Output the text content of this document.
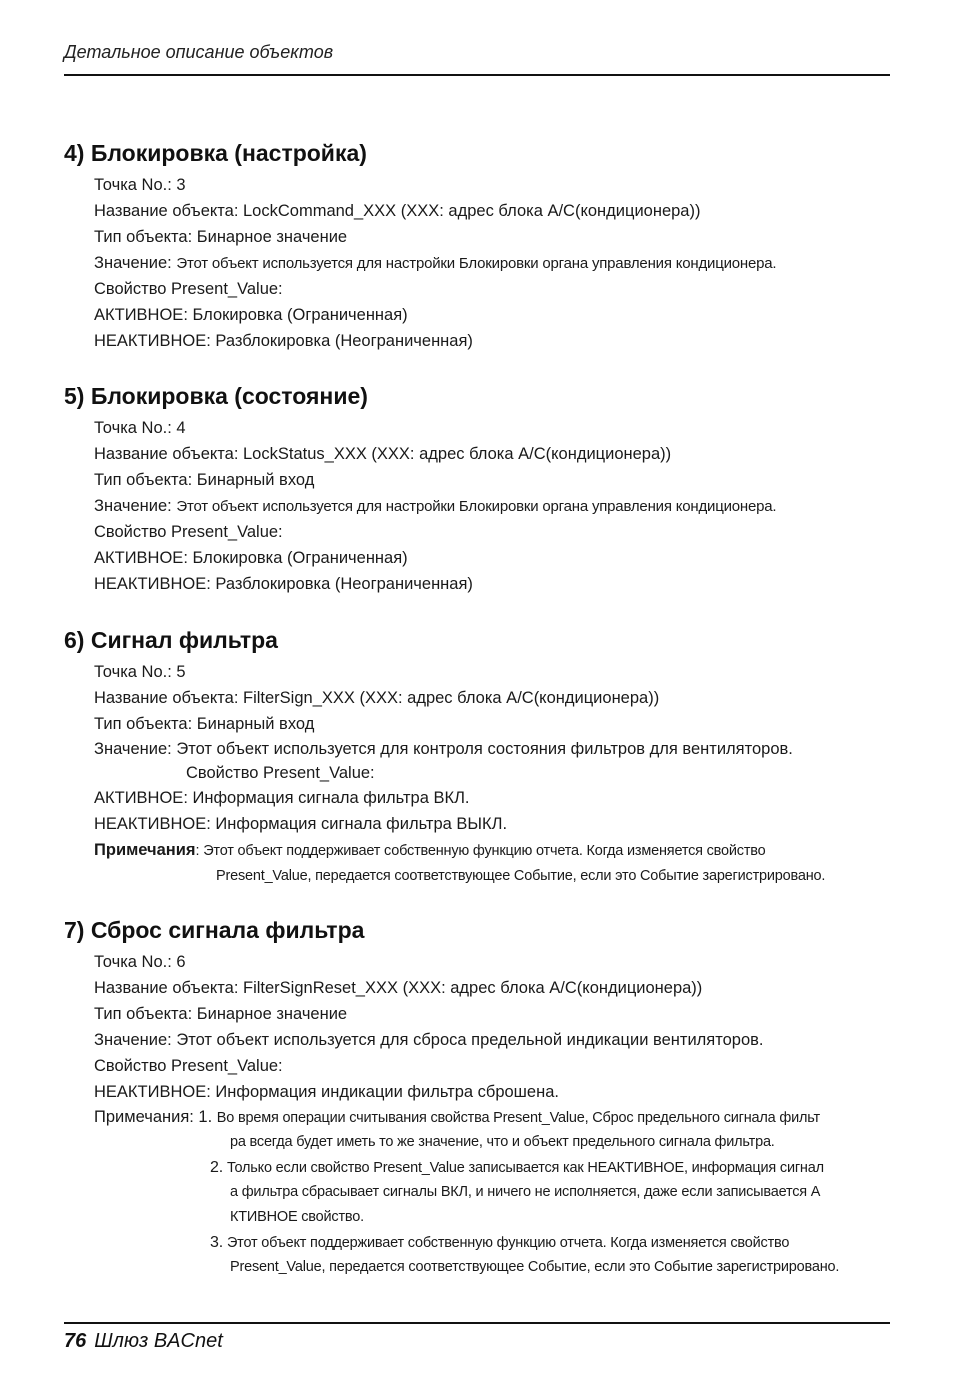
Детальное описание объектов
4) Блокировка (настройка)
Точка No.: 3
Название объекта: LockCommand_XXX (XXX: адрес блока A/C(кондиционера))
Тип объекта: Бинарное значение
Значение: Этот объект используется для настройки Блокировки органа управления кондиционера.
Свойство Present_Value:
АКТИВНОЕ: Блокировка (Ограниченная)
НЕАКТИВНОЕ: Разблокировка (Неограниченная)
5) Блокировка (состояние)
Точка No.: 4
Название объекта: LockStatus_XXX (XXX: адрес блока A/C(кондиционера))
Тип объекта: Бинарный вход
Значение: Этот объект используется для настройки Блокировки органа управления кондиционера.
Свойство Present_Value:
АКТИВНОЕ: Блокировка (Ограниченная)
НЕАКТИВНОЕ: Разблокировка (Неограниченная)
6) Сигнал фильтра
Точка No.: 5
Название объекта: FilterSign_XXX (XXX: адрес блока A/C(кондиционера))
Тип объекта: Бинарный вход
Значение: Этот объект используется для контроля состояния фильтров для вентиляторов.
Свойство Present_Value:
АКТИВНОЕ: Информация сигнала фильтра ВКЛ.
НЕАКТИВНОЕ: Информация сигнала фильтра ВЫКЛ.
Примечания: Этот объект поддерживает собственную функцию отчета. Когда изменяется свойство
Present_Value, передается соответствующее Событие, если это Событие зарегистрировано.
7) Сброс сигнала фильтра
Точка No.: 6
Название объекта: FilterSignReset_XXX (XXX: адрес блока A/C(кондиционера))
Тип объекта: Бинарное значение
Значение: Этот объект используется для сброса предельной индикации вентиляторов.
Свойство Present_Value:
НЕАКТИВНОЕ: Информация индикации фильтра сброшена.
Примечания: 1. Во время операции считывания свойства Present_Value, Сброс предельного сигнала фильт
ра всегда будет иметь то же значение, что и объект предельного сигнала фильтра.
2. Только если свойство Present_Value записывается как НЕАКТИВНОЕ, информация сигнал
а фильтра сбрасывает сигналы ВКЛ, и ничего не исполняется, даже если записывается А
КТИВНОЕ свойство.
3. Этот объект поддерживает собственную функцию отчета. Когда изменяется свойство
Present_Value, передается соответствующее Событие, если это Событие зарегистрировано.
76 Шлюз BACnet
